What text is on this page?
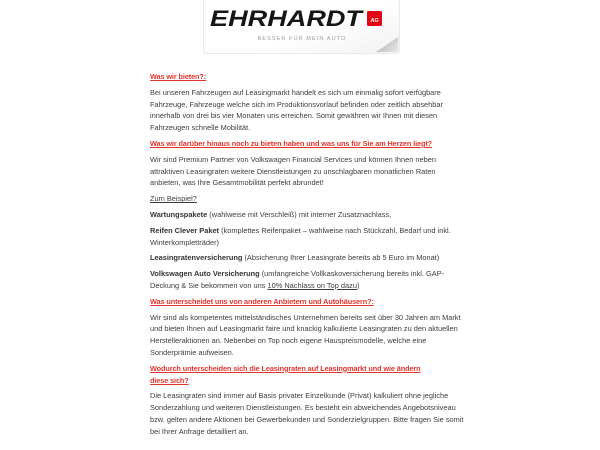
EHRHARDT AG
BESSER FÜR MEIN AUTO

Was wir bieten?:

Bei unseren Fahrzeugen auf Leasingmarkt handelt es sich um einmalig sofort verfügbare Fahrzeuge, Fahrzeuge welche sich im Produktionsvorlauf befinden oder zeitlich absehbar innerhalb von drei bis vier Monaten uns erreichen. Somit gewähren wir Ihnen mit diesen Fahrzeugen schnelle Mobilität.

Was wir darüber hinaus noch zu bieten haben und was uns für Sie am Herzen liegt?

Wir sind Premium Partner von Volkswagen Financial Services und können Ihnen neben attraktiven Leasingraten weitere Dienstleistungen zu unschlagbaren monatlichen Raten anbieten, was Ihre Gesamtmobilität perfekt abrundet!

Zum Beispiel?

Wartungspakete (wahlweise mit Verschleiß) mit interner Zusatznachlass,

Reifen Clever Paket (komplettes Reifenpaket – wahlweise nach Stückzahl, Bedarf und inkl. Winterkompletträder)

Leasingratenversicherung (Absicherung Ihrer Leasingrate bereits ab 5 Euro im Monat)

Volkswagen Auto Versicherung (umfangreiche Vollkaskoversicherung bereits inkl. GAP-Deckung & Sie bekommen von uns 10% Nachlass on Top dazu)

Was unterscheidet uns von anderen Anbietern und Autohäusern?:

Wir sind als kompetentes mittelständisches Unternehmen bereits seit über 30 Jahren am Markt und bieten Ihnen auf Leasingmarkt faire und knackig kalkulierte Leasingraten zu den aktuellen Herstelleraktionen an. Nebenbei on Top noch eigene Hauspreismodelle, welche eine Sonderprämie aufweisen.

Wodurch unterscheiden sich die Leasingraten auf Leasingmarkt und wie ändern
diese sich?

Die Leasingraten sind immer auf Basis privater Einzelkunde (Privat) kalkuliert ohne jegliche Sonderzahlung und weiteren Dienstleistungen. Es besteht ein abweichendes Angebotsniveau bzw. gelten andere Aktionen bei Gewerbekunden und Sonderzielgruppen. Bitte fragen Sie somit bei Ihrer Anfrage detailliert an.
